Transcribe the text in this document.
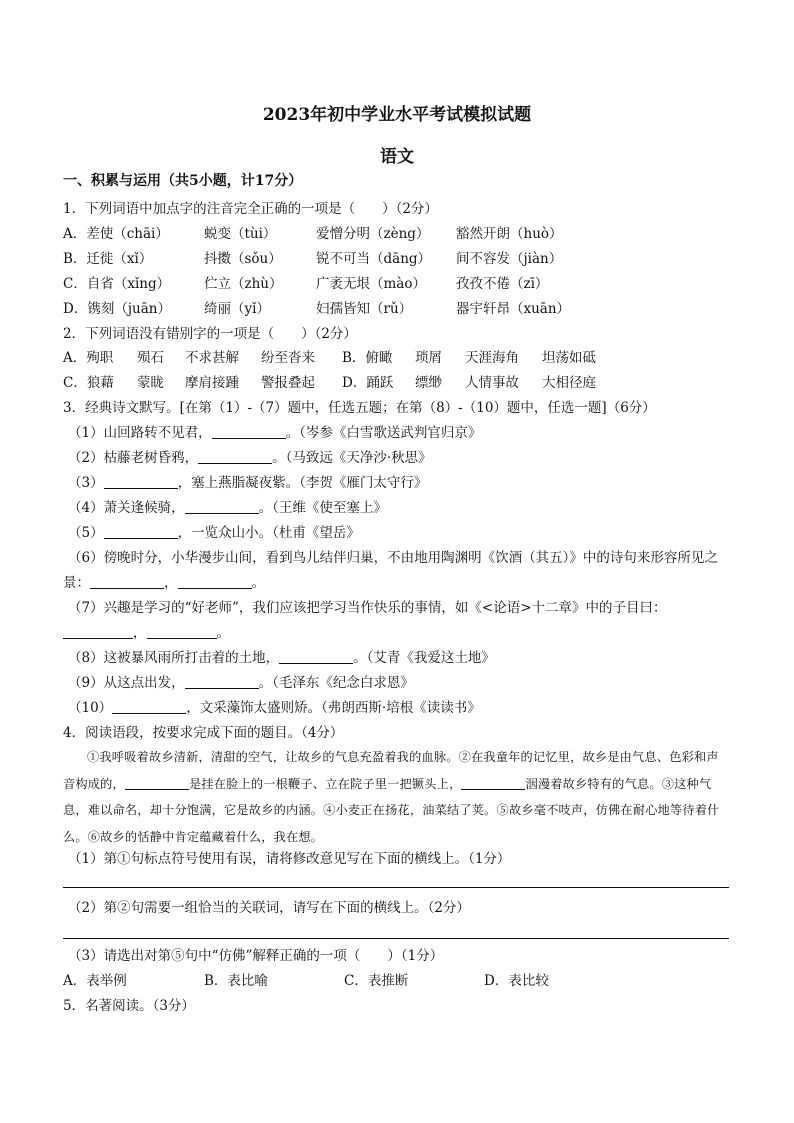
2023年初中学业水平考试模拟试题
语文
一、积累与运用（共5小题，计17分）
1．下列词语中加点字的注音完全正确的一项是（　　）（2分）
A．差使（chāi）	蜕变（tùi）	爱憎分明（zèng） 豁然开朗（huò）
B．迁徙（xǐ）	抖擞（sǒu）	锐不可当（dāng） 间不容发（jiàn）
C．自省（xǐng）	伫立（zhù） 广袤无垠（mào） 孜孜不倦（zī）
D．镌刻（juān） 绮丽（yǐ）	妇孺皆知（rǔ）	器宇轩昂（xuān）
2．下列词语没有错别字的一项是（　　）（2分）
A．殉职 殒石 不求甚解 纷至沓来 B．俯瞰 琐屑 天涯海角 坦荡如砥
C．狼藉 蒙眬 摩肩接踵 警报叠起 D．踊跃 缥缈 人情事故 大相径庭
3．经典诗文默写。[在第（1）-（7）题中，任选五题；在第（8）-（10）题中，任选一题]（6分）
（1）山回路转不见君，	。（岑参《白雪歌送武判官归京》
（2）枯藤老树昏鸦，	。（马致远《天净沙·秋思》
（3）	，塞上燕脂凝夜紫。（李贺《雁门太守行》
（4）萧关逢候骑，	。（王维《使至塞上》
（5）	，一览众山小。（杜甫《望岳》
（6）傍晚时分，小华漫步山间，看到鸟儿结伴归巢，不由地用陶渊明《饮酒（其五）》中的诗句来形容所见之
景：	，	。
（7）兴趣是学习的“好老师”，我们应该把学习当作快乐的事情，如《<论语>十二章》中的子目曰：
，	。
（8）这被暴风雨所打击着的土地，	。（艾青《我爱这土地》
（9）从这点出发，	。（毛泽东《纪念白求恩》
（10）	，文采藻饰太盛则矫。（弗朗西斯·培根《读读书》
4．阅读语段，按要求完成下面的题目。（4分）
①我呼吸着故乡清新，清甜的空气，让故乡的气息充盈着我的血脉。②在我童年的记忆里，故乡是由气息、色彩和声音构成的，	是挂在脸上的一根鞭子、立在院子里一把镢头上，	洇漫着故乡特有的气息。③这种气息，难以命名，却十分饱满，它是故乡的内涵。④小麦正在扬花，油菜结了荚。⑤故乡毫不吱声，仿佛在耐心地等待着什么。⑥故乡的恬静中肯定蕴藏着什么，我在想。
（1）第①句标点符号使用有误，请将修改意见写在下面的横线上。（1分）
（2）第②句需要一组恰当的关联词，请写在下面的横线上。（2分）
（3）请选出对第⑤句中“仿佛”解释正确的一项（　　）（1分）
A．表举例	B．表比喻	C．表推断	D．表比较
5．名著阅读。（3分）
